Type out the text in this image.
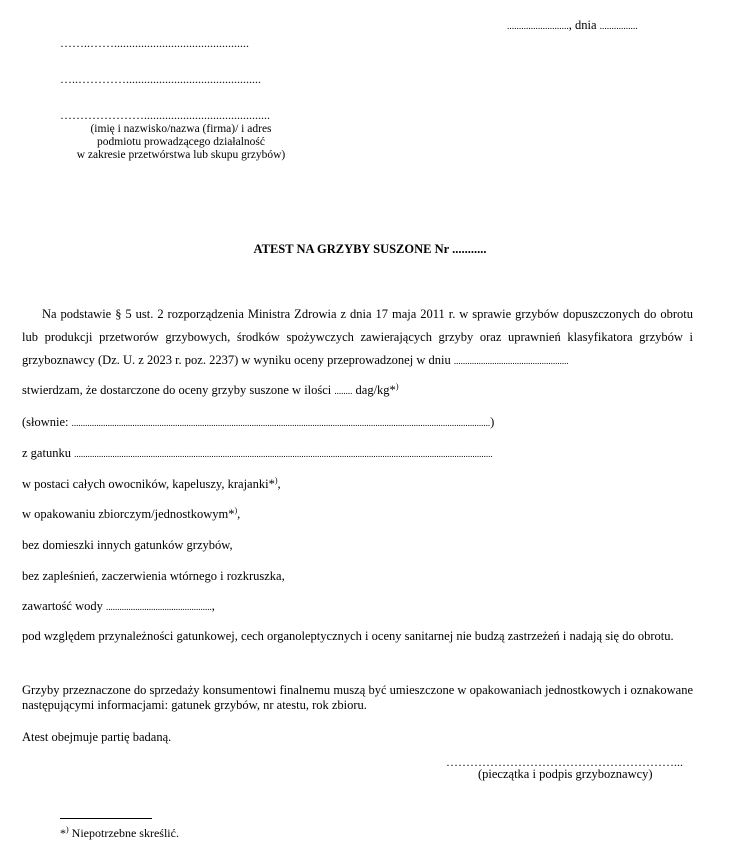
.........................., dnia ................
……..…….............................................
…..………….............................................
…………………..........................................
(imię i nazwisko/nazwa (firma)/ i adres
podmiotu prowadzącego działalność
w zakresie przetwórstwa lub skupu grzybów)
ATEST NA GRZYBY SUSZONE Nr ...........
Na podstawie § 5 ust. 2 rozporządzenia Ministra Zdrowia z dnia 17 maja 2011 r. w sprawie grzybów dopuszczonych do obrotu lub produkcji przetworów grzybowych, środków spożywczych zawierających grzyby oraz uprawnień klasyfikatora grzybów i grzyboznawcy (Dz. U. z 2023 r. poz. 2237) w wyniku oceny przeprowadzonej w dniu ...................................................
stwierdzam, że dostarczone do oceny grzyby suszone w ilości ........ dag/kg*)
(słownie: ..........................................................................................................................................................................................)
z gatunku ..........................................................................................................................................................................................
w postaci całych owocników, kapeluszy, krajanki*),
w opakowaniu zbiorczym/jednostkowym*),
bez domieszki innych gatunków grzybów,
bez zapleśnień, zaczerwienia wtórnego i rozkruszka,
zawartość wody ...............................................,
pod względem przynależności gatunkowej, cech organoleptycznych i oceny sanitarnej nie budzą zastrzeżeń i nadają się do obrotu.
Grzyby przeznaczone do sprzedaży konsumentowi finalnemu muszą być umieszczone w opakowaniach jednostkowych i oznakowane następującymi informacjami: gatunek grzybów, nr atestu, rok zbioru.
Atest obejmuje partię badaną.
…………………………………………………...
(pieczątka i podpis grzyboznawcy)
*) Niepotrzebne skreślić.
